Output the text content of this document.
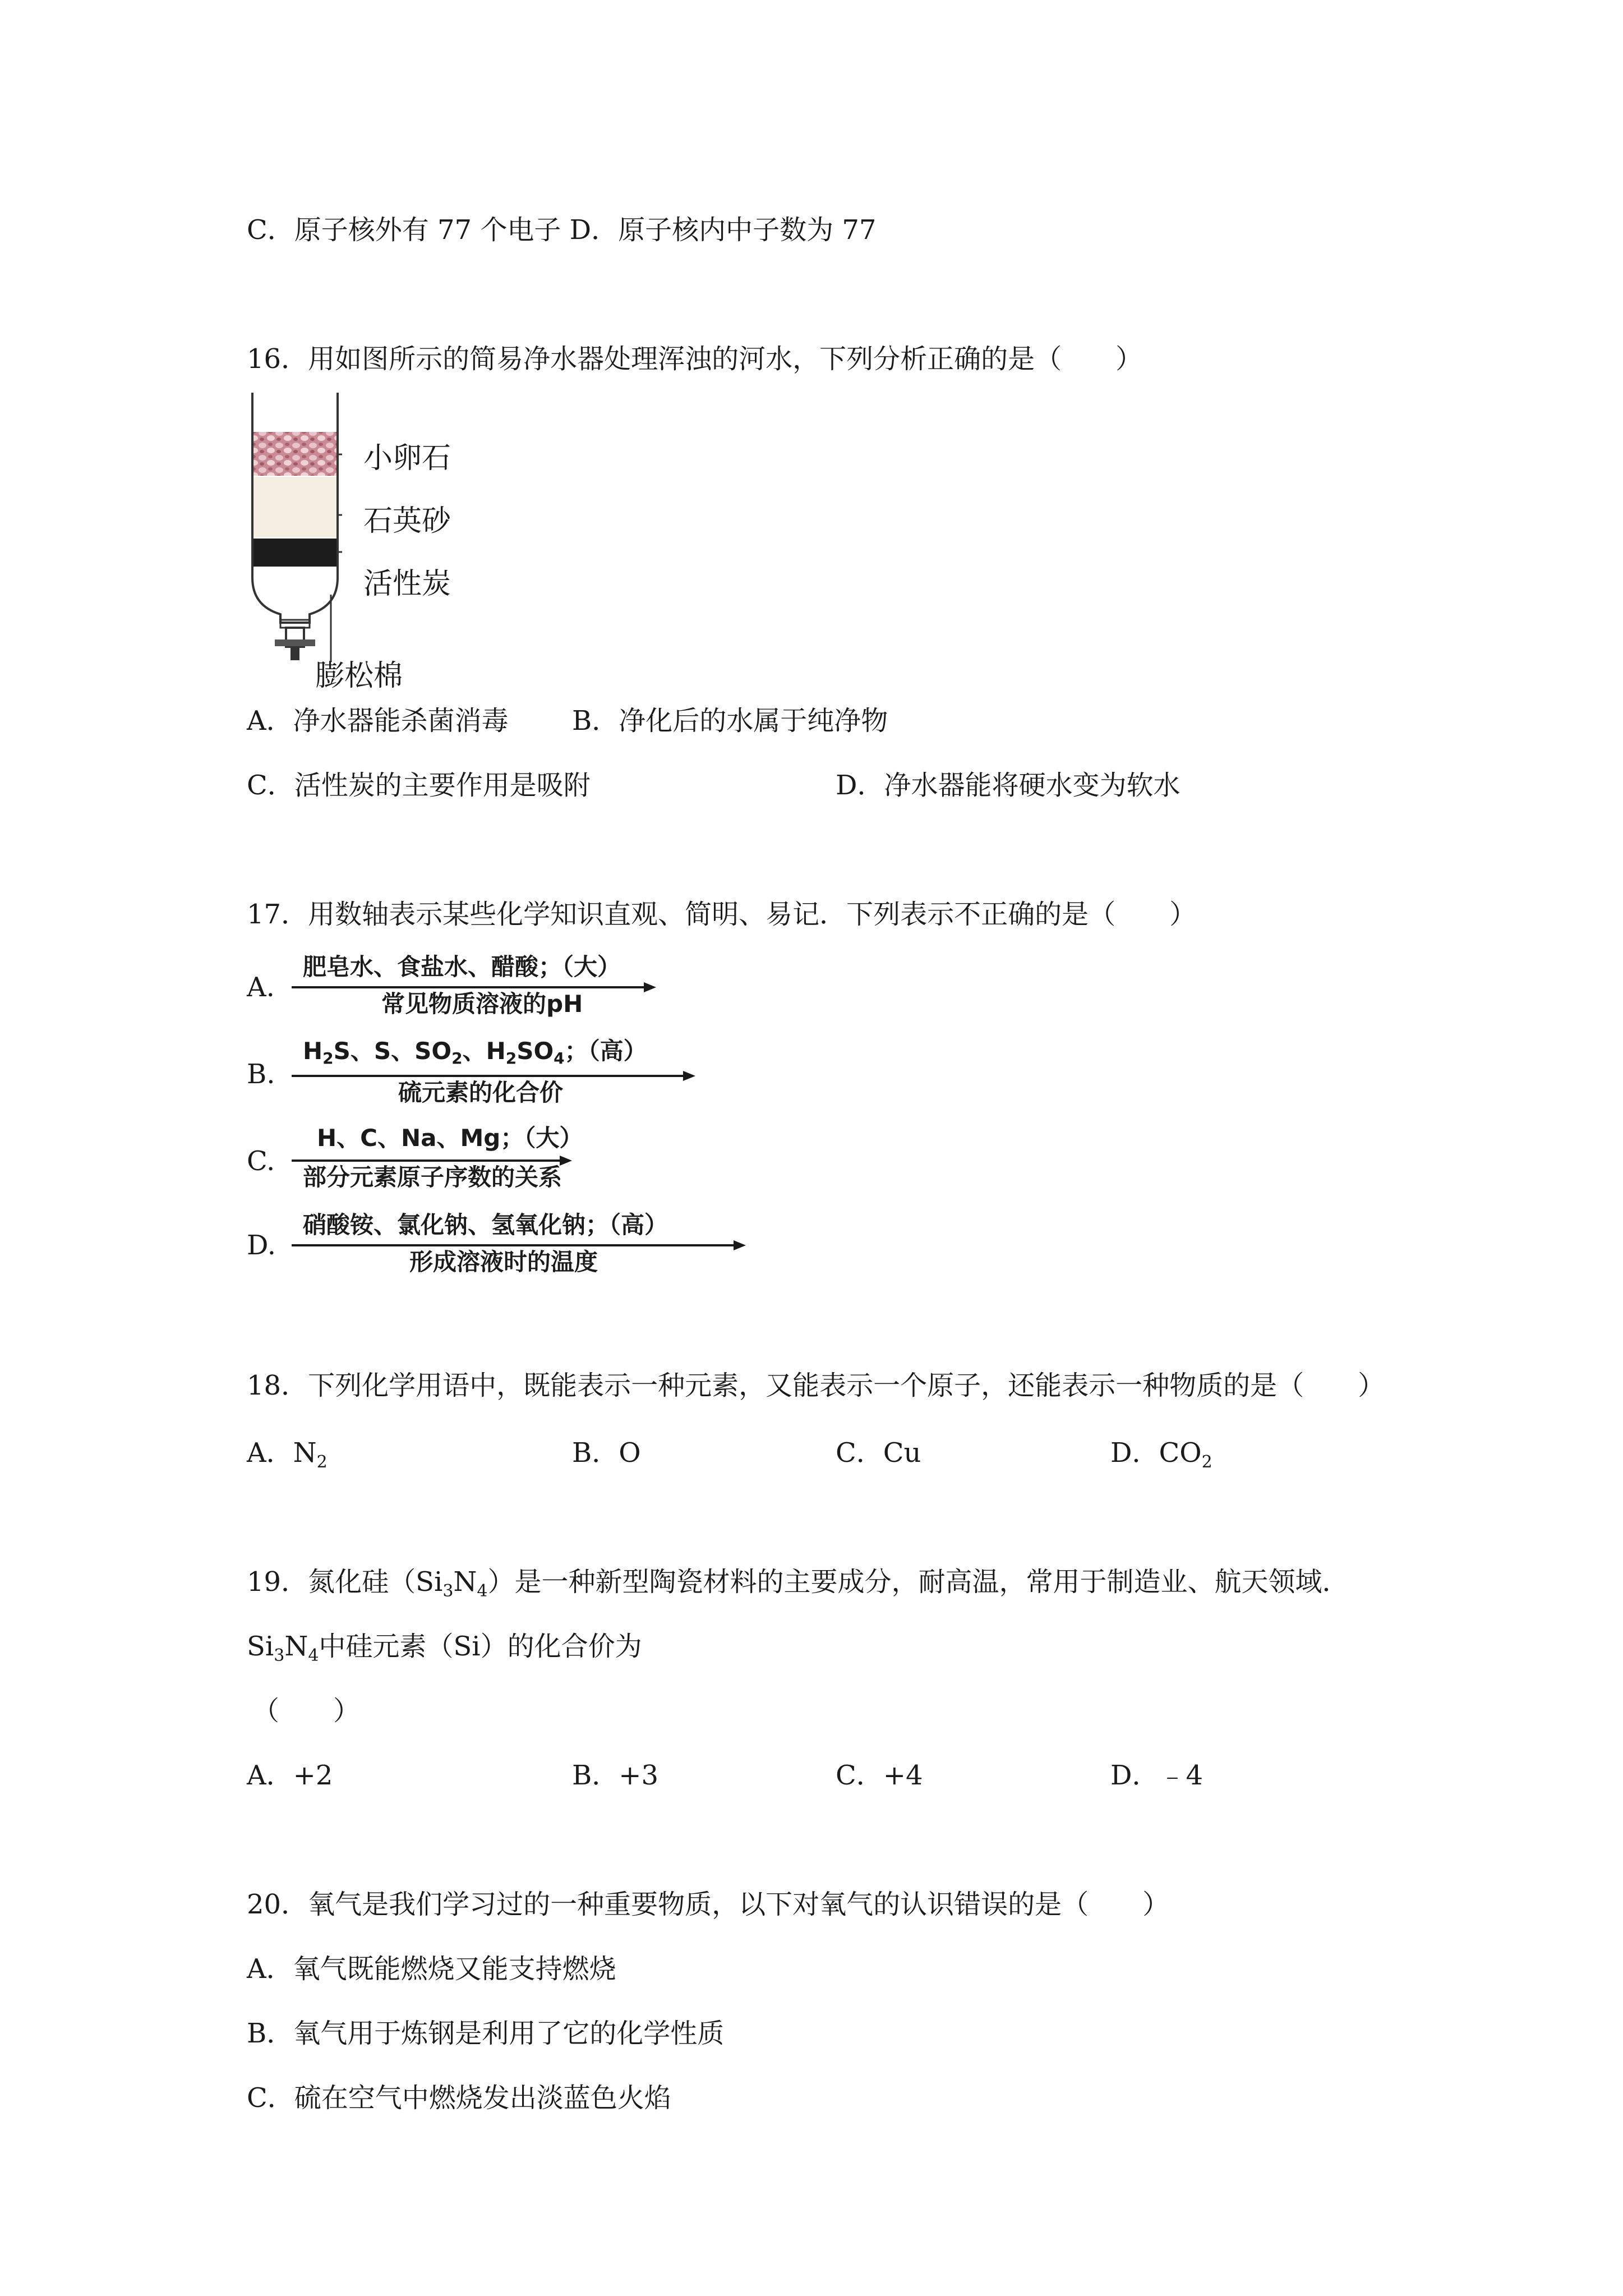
C．原子核外有 77 个电子 D．原子核内中子数为 77
16．用如图所示的简易净水器处理浑浊的河水，下列分析正确的是（　　）
小卵石
石英砂
活性炭
膨松棉
A．净水器能杀菌消毒 B．净化后的水属于纯净物
C．活性炭的主要作用是吸附	D．净水器能将硬水变为软水
17．用数轴表示某些化学知识直观、简明、易记．下列表示不正确的是（　　）
A.
肥皂水、食盐水、醋酸；（大）
常见物质溶液的pH
B.
H2S、S、SO2、H2SO4；（高）
硫元素的化合价
C.
H、C、Na、Mg；（大）
部分元素原子序数的关系
D.
硝酸铵、氯化钠、氢氧化钠；（高）
形成溶液时的温度
18．下列化学用语中，既能表示一种元素，又能表示一个原子，还能表示一种物质的是（　　）
A．$N_2$	B．O	C．Cu	D．$CO_2$
19．氮化硅$(Si_3N_4)$是一种新型陶瓷材料的主要成分，耐高温，常用于制造业、航天领域．
$Si_3N_4$中硅元素（Si）的化合价为
（　　）
A．+2	B．+3	C．+4	D．﹣4
20．氧气是我们学习过的一种重要物质，以下对氧气的认识错误的是（　　）
A．氧气既能燃烧又能支持燃烧
B．氧气用于炼钢是利用了它的化学性质
C．硫在空气中燃烧发出淡蓝色火焰
